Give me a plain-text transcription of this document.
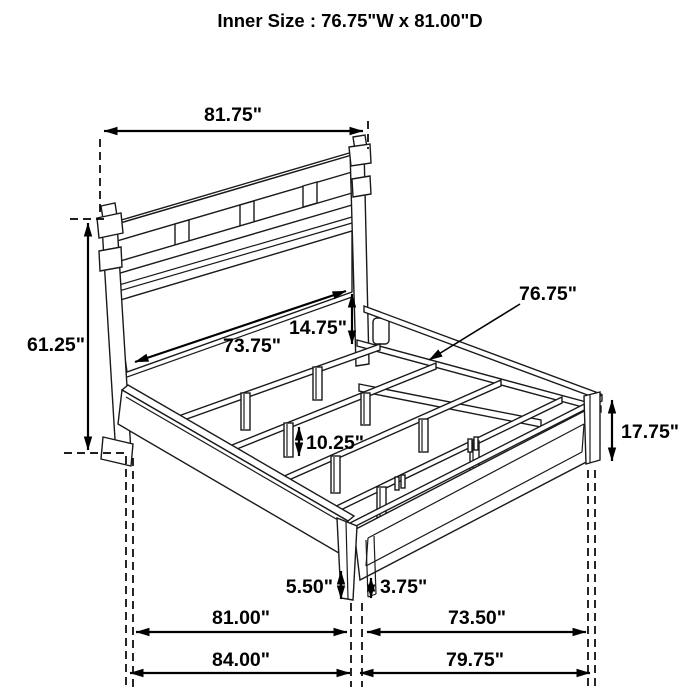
81.75"
61.25"	73.75"
14.75"
76.75"
10.25"	17.75"
5.50" 3.75"
81.00"	73.50"
84.00"	79.75"
Inner Size : 76.75"W x 81.00"D
